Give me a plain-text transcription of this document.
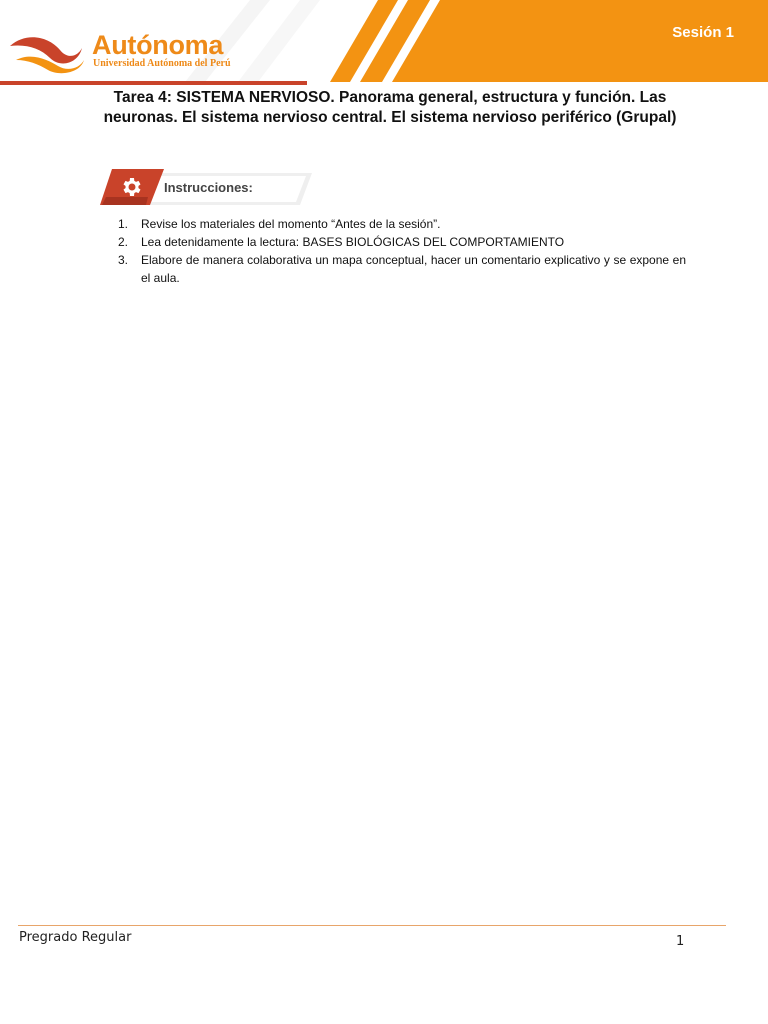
Autónoma
Universidad Autónoma del Perú
Sesión 1
Tarea 4: SISTEMA NERVIOSO. Panorama general, estructura y función. Las neuronas. El sistema nervioso central. El sistema nervioso periférico (Grupal)
Instrucciones:
1. Revise los materiales del momento “Antes de la sesión”.
2. Lea detenidamente la lectura: BASES BIOLÓGICAS DEL COMPORTAMIENTO
3. Elabore de manera colaborativa un mapa conceptual, hacer un comentario explicativo y se expone en el aula.
Pregrado Regular	1
